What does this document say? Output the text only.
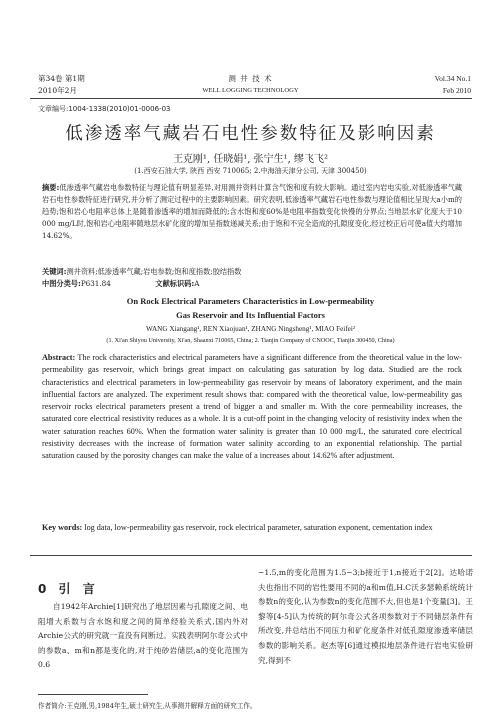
第34卷 第1期	测 井 技 术	Vol.34 No.1
2010年2月	WELL LOGGING TECHNOLOGY	Feb 2010
文章编号:1004-1338(2010)01-0006-03
低渗透率气藏岩石电性参数特征及影响因素
王克刚¹, 任晓娟¹, 张宁生¹, 缪飞飞²
(1.西安石油大学, 陕西 西安 710065; 2.中海油天津分公司, 天津 300450)
摘要:低渗透率气藏岩电参数特征与理论值有明显差异,对用测井资料计算含气饱和度有较大影响。通过室内岩电实验,对低渗透率气藏岩石电性参数特征进行研究,并分析了测定过程中的主要影响因素。研究表明,低渗透率气藏岩石电性参数与理论值相比呈现大a小m的趋势;饱和岩心电阻率总体上是随着渗透率的增加而降低的;含水饱和度60%是电阻率指数变化快慢的分界点;当地层水矿化度大于10 000 mg/L时,饱和岩心电阻率随地层水矿化度的增加呈指数递减关系;由于饱和不完全造成的孔隙度变化,经过校正后可使a值大约增加14.62%。
关键词:测井资料;低渗透率气藏;岩电参数;饱和度指数;胶结指数
中图分类号:P631.84	文献标识码:A
On Rock Electrical Parameters Characteristics in Low-permeability
Gas Reservoir and Its Influential Factors
WANG Xiangang¹, REN Xiaojuan¹, ZHANG Ningsheng¹, MIAO Feifei²
(1. Xi'an Shiyou University, Xi'an, Shaanxi 710065, China; 2. Tianjin Company of CNOOC, Tianjin 300450, China)
Abstract: The rock characteristics and electrical parameters have a significant difference from the theoretical value in the low-permeability gas reservoir, which brings great impact on calculating gas saturation by log data. Studied are the rock characteristics and electrical parameters in low-permeability gas reservoir by means of laboratory experiment, and the main influential factors are analyzed. The experiment result shows that: compared with the theoretical value, low-permeability gas reservoir rocks electrical parameters present a trend of bigger a and smaller m. With the core permeability increases, the saturated core electrical resistivity reduces as a whole. It is a cut-off point in the changing velocity of resistivity index when the water saturation reaches 60%. When the formation water salinity is greater than 10 000 mg/L, the saturated core electrical resistivity decreases with the increase of formation water salinity according to an exponential relationship. The partial saturation caused by the porosity changes can make the value of a increases about 14.62% after adjustment.
Key words: log data, low-permeability gas reservoir, rock electrical parameter, saturation exponent, cementation index
0 引 言
自1942年Archie[1]研究出了地层因素与孔隙度之间、电阻增大系数与含水饱和度之间的简单经验关系式,国内外对Archie公式的研究就一直没有间断过。实践表明阿尔奇公式中的参数a、m和n都是变化的,对于纯砂岩储层,a的变化范围为0.6
~1.5,m的变化范围为1.5~3;b接近于1,n接近于2[2]。达哈诺夫也指出不同的岩性要用不同的a和m值,H.C沃多瑟赖系统统计参数n的变化,认为参数n的变化范围不大,但也是1个变量[3]。王黎等[4-5]认为传统的阿尔奇公式各项参数对于不同储层条件有所改变,并总结出不同压力和矿化度条件对低孔隙度渗透率储层参数的影响关系。赵杰等[6]通过模拟地层条件进行岩电实验研究,得到不
作者简介:王克刚,男,1984年生,硕士研究生,从事测井解释方面的研究工作。
